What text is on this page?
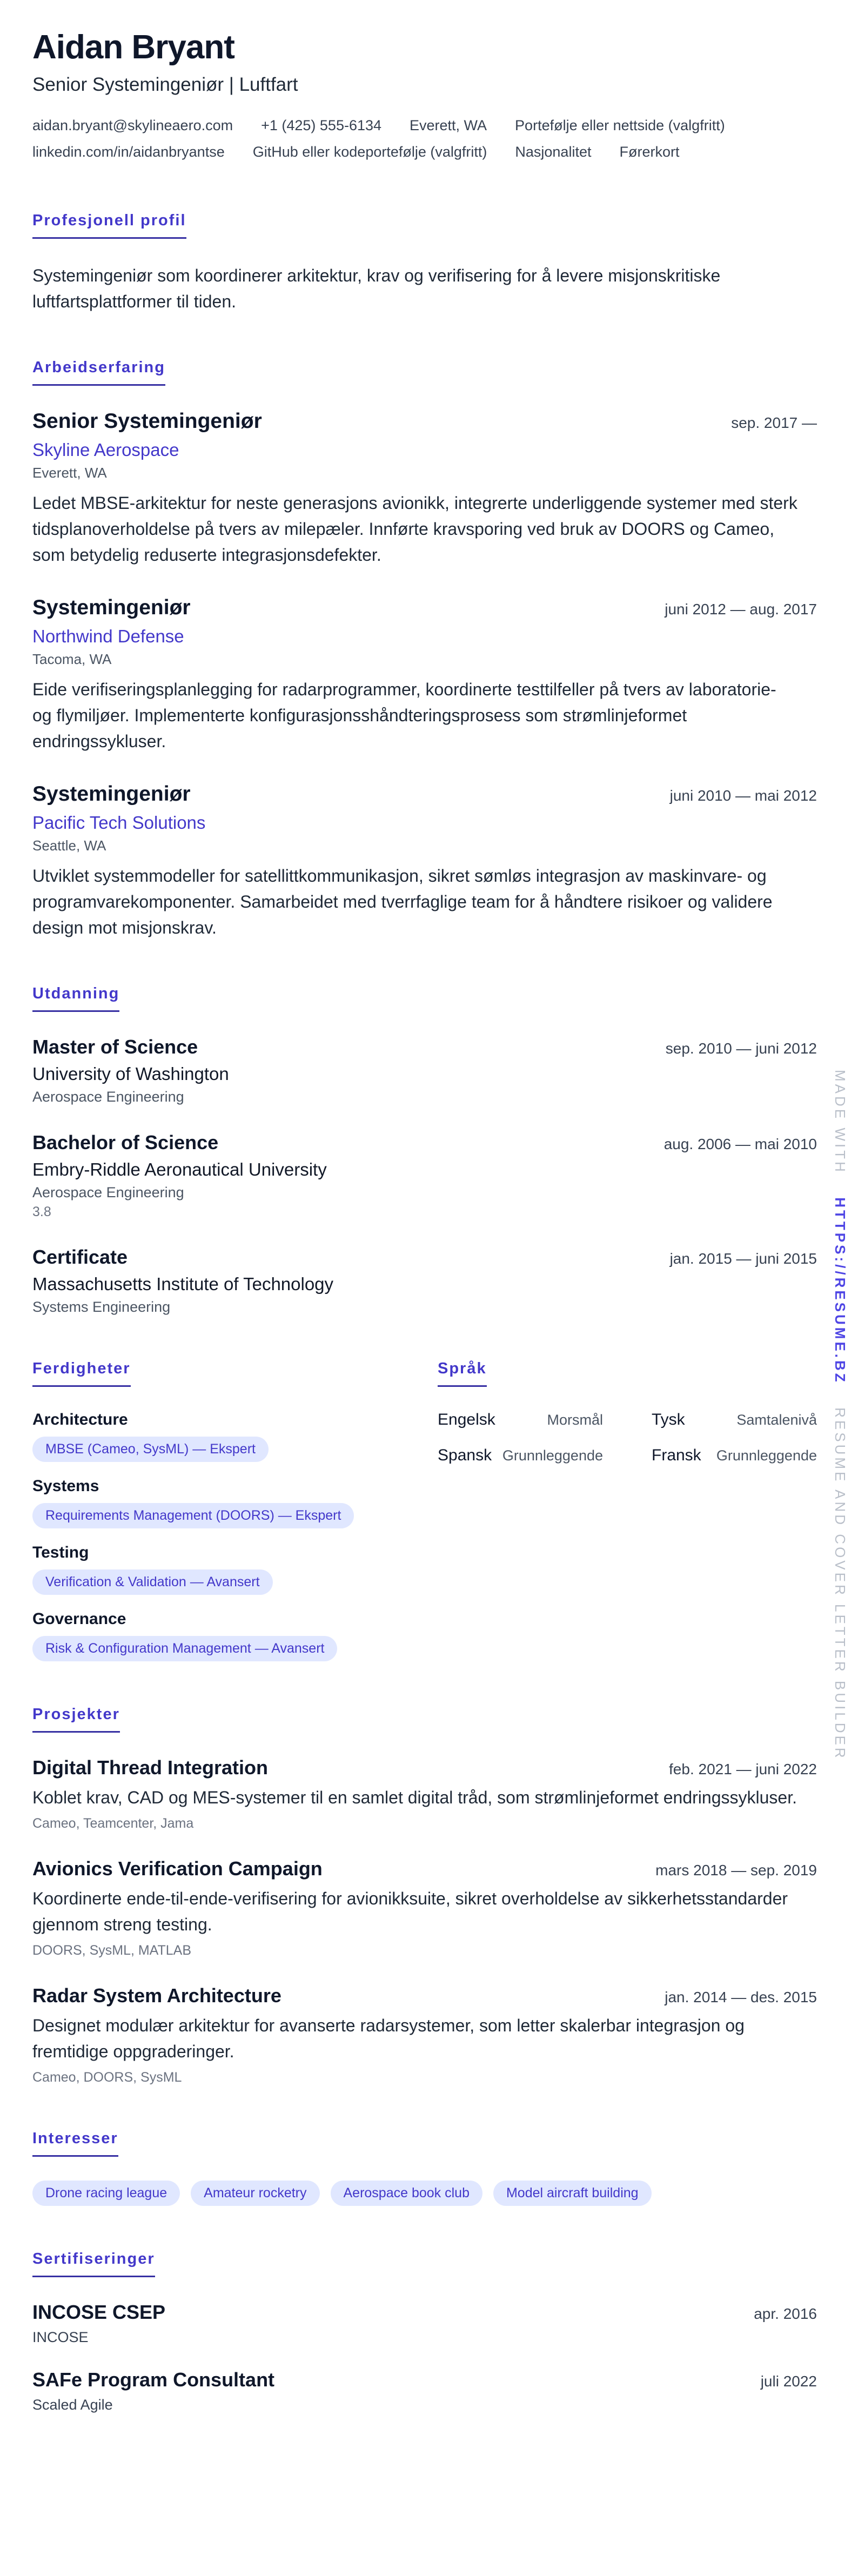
Aidan Bryant
Senior Systemingeniør | Luftfart
aidan.bryant@skylineaero.com +1 (425) 555-6134 Everett, WA Portefølje eller nettside (valgfritt)
linkedin.com/in/aidanbryantse GitHub eller kodeportefølje (valgfritt) Nasjonalitet Førerkort
Profesjonell profil

Systemingeniør som koordinerer arkitektur, krav og verifisering for å levere misjonskritiske luftfartsplattformer til tiden.

Arbeidserfaring
Senior Systemingeniør	sep. 2017 —
Skyline Aerospace
Everett, WA

Ledet MBSE-arkitektur for neste generasjons avionikk, integrerte underliggende systemer med sterk tidsplanoverholdelse på tvers av milepæler. Innførte kravsporing ved bruk av DOORS og Cameo, som betydelig reduserte integrasjonsdefekter.

Systemingeniør	juni 2012 — aug. 2017
Northwind Defense
Tacoma, WA

Eide verifiseringsplanlegging for radarprogrammer, koordinerte testtilfeller på tvers av laboratorie- og flymiljøer. Implementerte konfigurasjonsshåndteringsprosess som strømlinjeformet endringssykluser.

Systemingeniør	juni 2010 — mai 2012
Pacific Tech Solutions
Seattle, WA

Utviklet systemmodeller for satellittkommunikasjon, sikret sømløs integrasjon av maskinvare- og programvarekomponenter. Samarbeidet med tverrfaglige team for å håndtere risikoer og validere design mot misjonskrav.

Utdanning
Master of Science	sep. 2010 — juni 2012
University of Washington
Aerospace Engineering
Bachelor of Science	aug. 2006 — mai 2010
Embry-Riddle Aeronautical University
Aerospace Engineering
3.8
Certificate	jan. 2015 — juni 2015
Massachusetts Institute of Technology
Systems Engineering
Ferdigheter
Architecture
MBSE (Cameo, SysML) — Ekspert
Systems
Requirements Management (DOORS) — Ekspert
Testing
Verification & Validation — Avansert
Governance
Risk & Configuration Management — Avansert
Språk
Engelsk	Morsmål	Tysk	Samtalenivå
Spansk Grunnleggende	Fransk Grunnleggende
Prosjekter
Digital Thread Integration	feb. 2021 — juni 2022

Koblet krav, CAD og MES-systemer til en samlet digital tråd, som strømlinjeformet endringssykluser.

Cameo, Teamcenter, Jama
Avionics Verification Campaign	mars 2018 — sep. 2019

Koordinerte ende-til-ende-verifisering for avionikksuite, sikret overholdelse av sikkerhetsstandarder gjennom streng testing.

DOORS, SysML, MATLAB
Radar System Architecture	jan. 2014 — des. 2015

Designet modulær arkitektur for avanserte radarsystemer, som letter skalerbar integrasjon og fremtidige oppgraderinger.

Cameo, DOORS, SysML
Interesser
Drone racing league	Amateur rocketry	Aerospace book club	Model aircraft building
Sertifiseringer
INCOSE CSEP	apr. 2016
INCOSE
SAFe Program Consultant	juli 2022
Scaled Agile
MADE WITH  HTTPS://RESUME.BZ  RESUME AND COVER LETTER BUILDER
